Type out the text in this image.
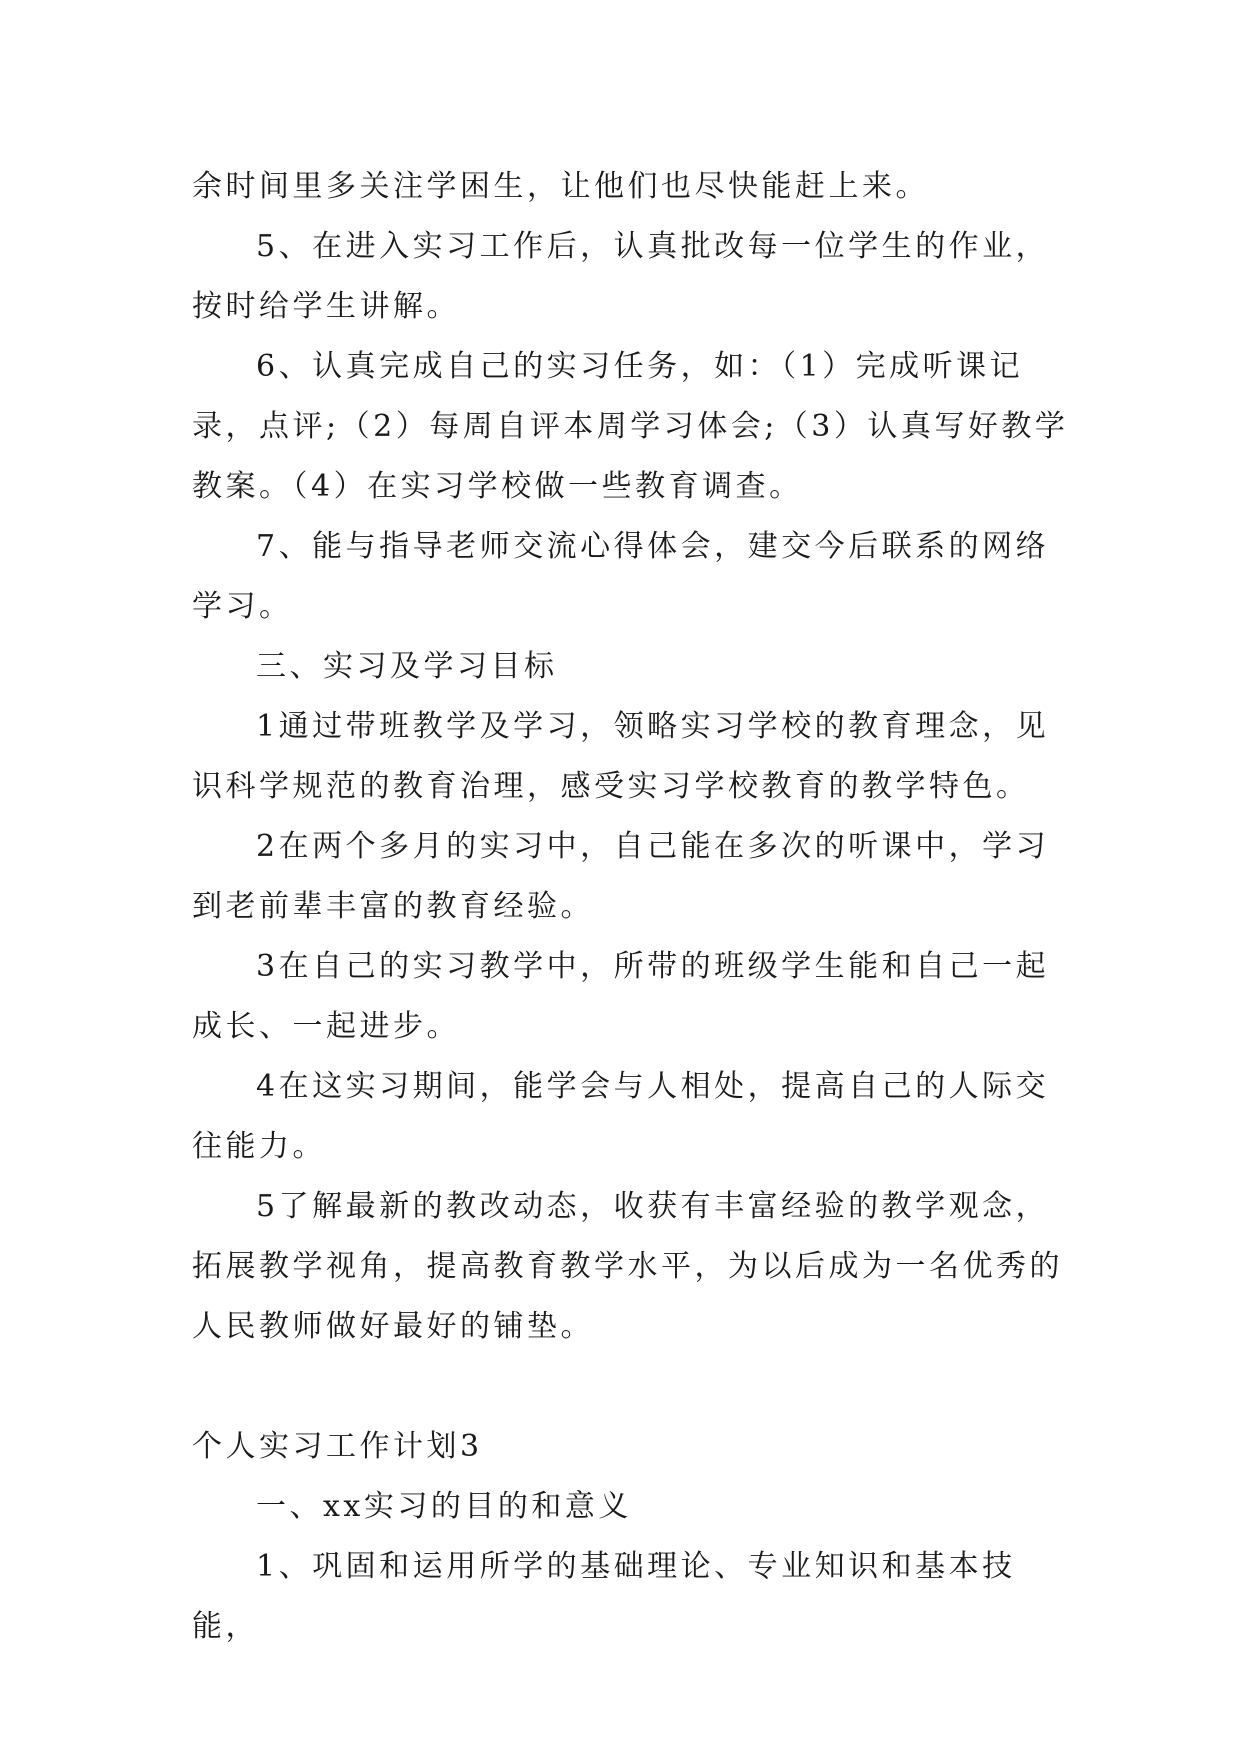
余时间里多关注学困生，让他们也尽快能赶上来。

5、在进入实习工作后，认真批改每一位学生的作业，按时给学生讲解。

6、认真完成自己的实习任务，如：（1）完成听课记录，点评;（2）每周自评本周学习体会;（3）认真写好教学教案。（4）在实习学校做一些教育调查。

7、能与指导老师交流心得体会，建交今后联系的网络学习。

三、实习及学习目标

1通过带班教学及学习，领略实习学校的教育理念，见识科学规范的教育治理，感受实习学校教育的教学特色。

2在两个多月的实习中，自己能在多次的听课中，学习到老前辈丰富的教育经验。

3在自己的实习教学中，所带的班级学生能和自己一起成长、一起进步。

4在这实习期间，能学会与人相处，提高自己的人际交往能力。

5了解最新的教改动态，收获有丰富经验的教学观念，拓展教学视角，提高教育教学水平，为以后成为一名优秀的人民教师做好最好的铺垫。

个人实习工作计划3

一、xx实习的目的和意义

1、巩固和运用所学的基础理论、专业知识和基本技能，
